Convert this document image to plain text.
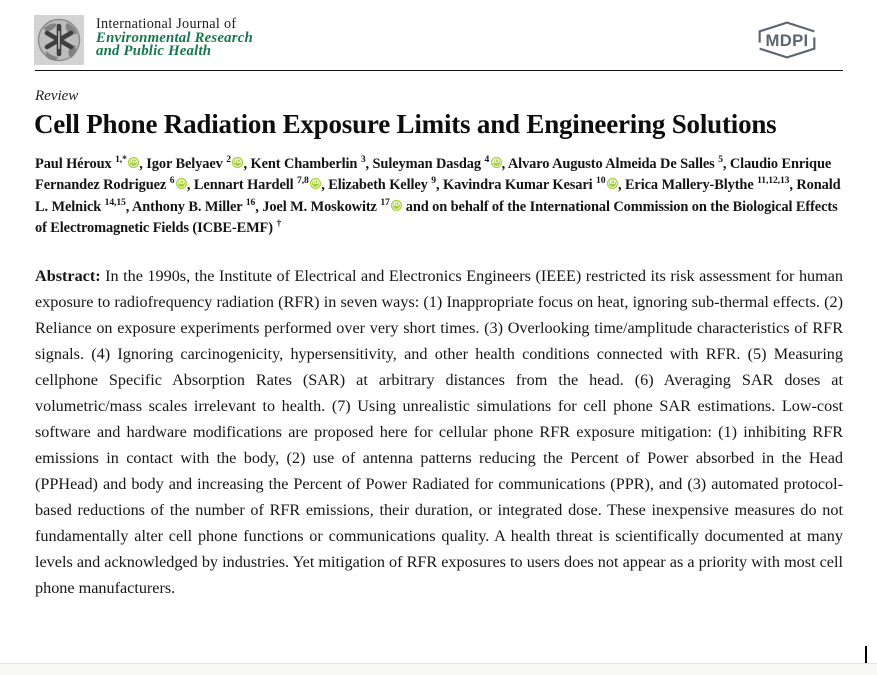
International Journal of
Environmental Research
and Public Health
MDPI
Review
Cell Phone Radiation Exposure Limits and Engineering Solutions
Paul Héroux $^{1,*}$ iD , Igor Belyaev $^2$ iD , Kent Chamberlin $^3$, Suleyman Dasdag $^4$ iD , Alvaro Augusto Almeida De Salles $^5$, Claudio Enrique Fernandez Rodriguez $^6$ iD , Lennart Hardell $^{7,8}$ iD , Elizabeth Kelley $^9$, Kavindra Kumar Kesari $^{10}$ iD , Erica Mallery-Blythe $^{11,12,13}$, Ronald L. Melnick $^{14,15}$, Anthony B. Miller $^{16}$, Joel M. Moskowitz $^{17}$ iD and on behalf of the International Commission on the Biological Effects of Electromagnetic Fields (ICBE-EMF) †

Abstract: In the 1990s, the Institute of Electrical and Electronics Engineers (IEEE) restricted its risk assessment for human exposure to radiofrequency radiation (RFR) in seven ways: (1) Inappropriate focus on heat, ignoring sub-thermal effects. (2) Reliance on exposure experiments performed over very short times. (3) Overlooking time/amplitude characteristics of RFR signals. (4) Ignoring carcinogenicity, hypersensitivity, and other health conditions connected with RFR. (5) Measuring cellphone Specific Absorption Rates (SAR) at arbitrary distances from the head. (6) Averaging SAR doses at volumetric/mass scales irrelevant to health. (7) Using unrealistic simulations for cell phone SAR estimations. Low-cost software and hardware modifications are proposed here for cellular phone RFR exposure mitigation: (1) inhibiting RFR emissions in contact with the body, (2) use of antenna patterns reducing the Percent of Power absorbed in the Head (PPHead) and body and increasing the Percent of Power Radiated for communications (PPR), and (3) automated protocol-based reductions of the number of RFR emissions, their duration, or integrated dose. These inexpensive measures do not fundamentally alter cell phone functions or communications quality. A health threat is scientifically documented at many levels and acknowledged by industries. Yet mitigation of RFR exposures to users does not appear as a priority with most cell phone manufacturers.
